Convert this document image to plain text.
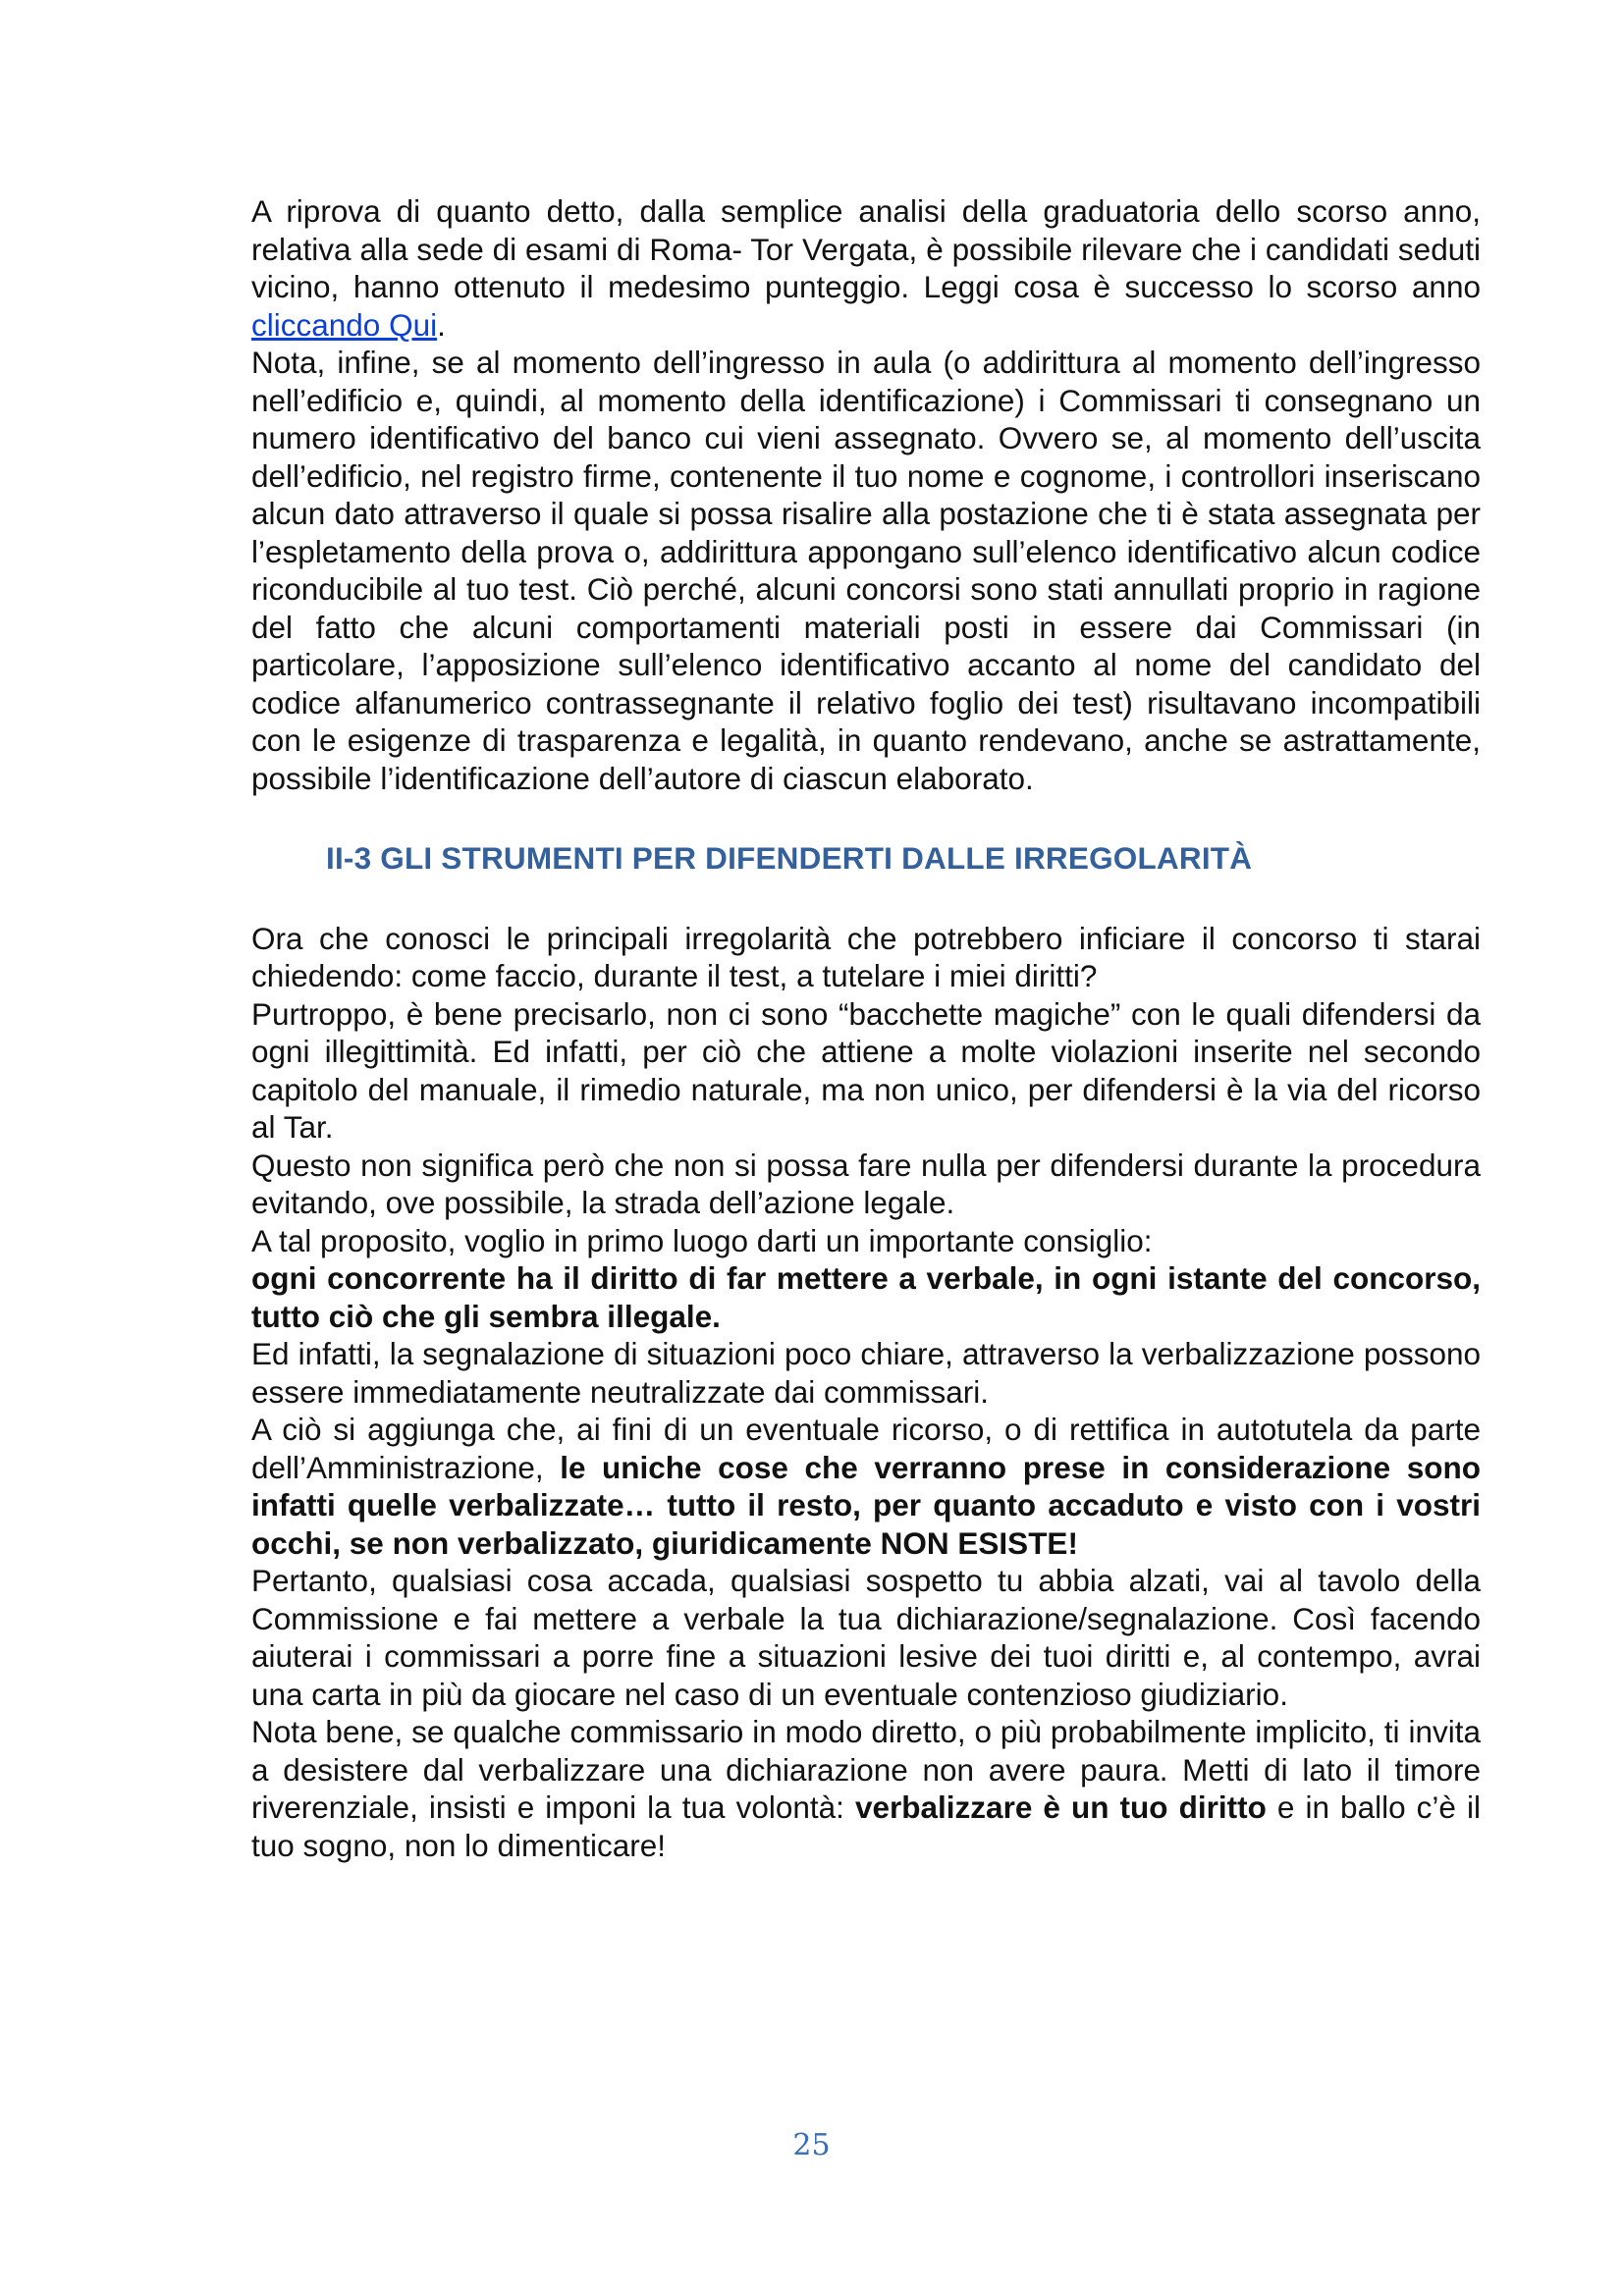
A riprova di quanto detto, dalla semplice analisi della graduatoria dello scorso anno, relativa alla sede di esami di Roma- Tor Vergata, è possibile rilevare che i candidati seduti vicino, hanno ottenuto il medesimo punteggio. Leggi cosa è successo lo scorso anno cliccando Qui.

Nota, infine, se al momento dell’ingresso in aula (o addirittura al momento dell’ingresso nell’edificio e, quindi, al momento della identificazione) i Commissari ti consegnano un numero identificativo del banco cui vieni assegnato. Ovvero se, al momento dell’uscita dell’edificio, nel registro firme, contenente il tuo nome e cognome, i controllori inseriscano alcun dato attraverso il quale si possa risalire alla postazione che ti è stata assegnata per l’espletamento della prova o, addirittura appongano sull’elenco identificativo alcun codice riconducibile al tuo test. Ciò perché, alcuni concorsi sono stati annullati proprio in ragione del fatto che alcuni comportamenti materiali posti in essere dai Commissari (in particolare, l’apposizione sull’elenco identificativo accanto al nome del candidato del codice alfanumerico contrassegnante il relativo foglio dei test) risultavano incompatibili con le esigenze di trasparenza e legalità, in quanto rendevano, anche se astrattamente, possibile l’identificazione dell’autore di ciascun elaborato.

II-3 GLI STRUMENTI PER DIFENDERTI DALLE IRREGOLARITÀ

Ora che conosci le principali irregolarità che potrebbero inficiare il concorso ti starai chiedendo: come faccio, durante il test, a tutelare i miei diritti?

Purtroppo, è bene precisarlo, non ci sono “bacchette magiche” con le quali difendersi da ogni illegittimità. Ed infatti, per ciò che attiene a molte violazioni inserite nel secondo capitolo del manuale, il rimedio naturale, ma non unico, per difendersi è la via del ricorso al Tar.

Questo non significa però che non si possa fare nulla per difendersi durante la procedura evitando, ove possibile, la strada dell’azione legale.

A tal proposito, voglio in primo luogo darti un importante consiglio:

ogni concorrente ha il diritto di far mettere a verbale, in ogni istante del concorso, tutto ciò che gli sembra illegale.

Ed infatti, la segnalazione di situazioni poco chiare, attraverso la verbalizzazione possono essere immediatamente neutralizzate dai commissari.

A ciò si aggiunga che, ai fini di un eventuale ricorso, o di rettifica in autotutela da parte dell’Amministrazione, le uniche cose che verranno prese in considerazione sono infatti quelle verbalizzate… tutto il resto, per quanto accaduto e visto con i vostri occhi, se non verbalizzato, giuridicamente NON ESISTE!

Pertanto, qualsiasi cosa accada, qualsiasi sospetto tu abbia alzati, vai al tavolo della Commissione e fai mettere a verbale la tua dichiarazione/segnalazione. Così facendo aiuterai i commissari a porre fine a situazioni lesive dei tuoi diritti e, al contempo, avrai una carta in più da giocare nel caso di un eventuale contenzioso giudiziario.

Nota bene, se qualche commissario in modo diretto, o più probabilmente implicito, ti invita a desistere dal verbalizzare una dichiarazione non avere paura. Metti di lato il timore riverenziale, insisti e imponi la tua volontà: verbalizzare è un tuo diritto e in ballo c’è il tuo sogno, non lo dimenticare!

25
